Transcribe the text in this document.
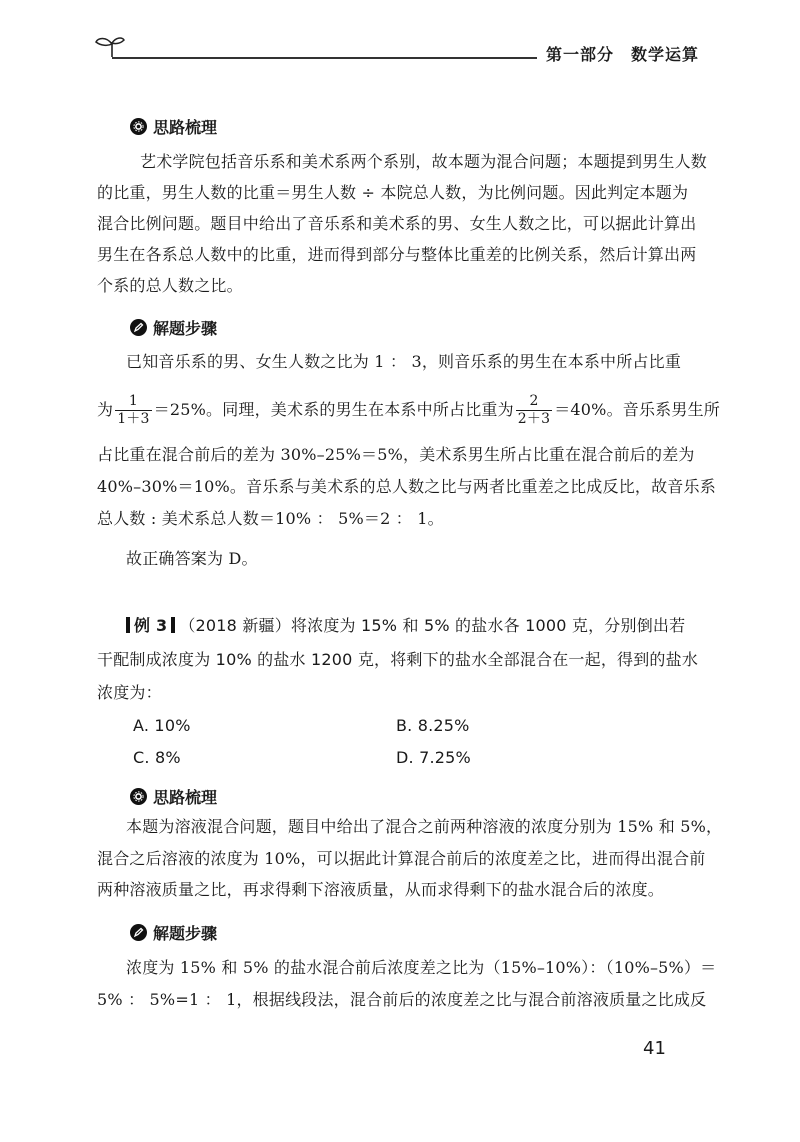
第一部分　数学运算
思路梳理
艺术学院包括音乐系和美术系两个系别，故本题为混合问题；本题提到男生人数
的比重，男生人数的比重＝男生人数 ÷ 本院总人数，为比例问题。因此判定本题为
混合比例问题。题目中给出了音乐系和美术系的男、女生人数之比，可以据此计算出
男生在各系总人数中的比重，进而得到部分与整体比重差的比例关系，然后计算出两
个系的总人数之比。
解题步骤
已知音乐系的男、女生人数之比为 1 ： 3，则音乐系的男生在本系中所占比重
为 $\frac{1}{1+3} =25\%$。同理，美术系的男生在本系中所占比重为 $\frac{2}{2+3} =40\%$。音乐系男生所
占比重在混合前后的差为 30%–25%＝5%，美术系男生所占比重在混合前后的差为
40%–30%＝10%。音乐系与美术系的总人数之比与两者比重差之比成反比，故音乐系
总人数 : 美术系总人数＝10% ： 5%＝2 ： 1。
故正确答案为 D。
例 3 （2018 新疆）将浓度为 15% 和 5% 的盐水各 1000 克，分别倒出若
干配制成浓度为 10% 的盐水 1200 克，将剩下的盐水全部混合在一起，得到的盐水
浓度为：
A. 10%	B. 8.25%
C. 8%	D. 7.25%
思路梳理
本题为溶液混合问题，题目中给出了混合之前两种溶液的浓度分别为 15% 和 5%，
混合之后溶液的浓度为 10%，可以据此计算混合前后的浓度差之比，进而得出混合前
两种溶液质量之比，再求得剩下溶液质量，从而求得剩下的盐水混合后的浓度。
解题步骤
浓度为 15% 和 5% 的盐水混合前后浓度差之比为（15%–10%）：（10%–5%）＝
5% ： 5%=1 ： 1，根据线段法，混合前后的浓度差之比与混合前溶液质量之比成反
41
